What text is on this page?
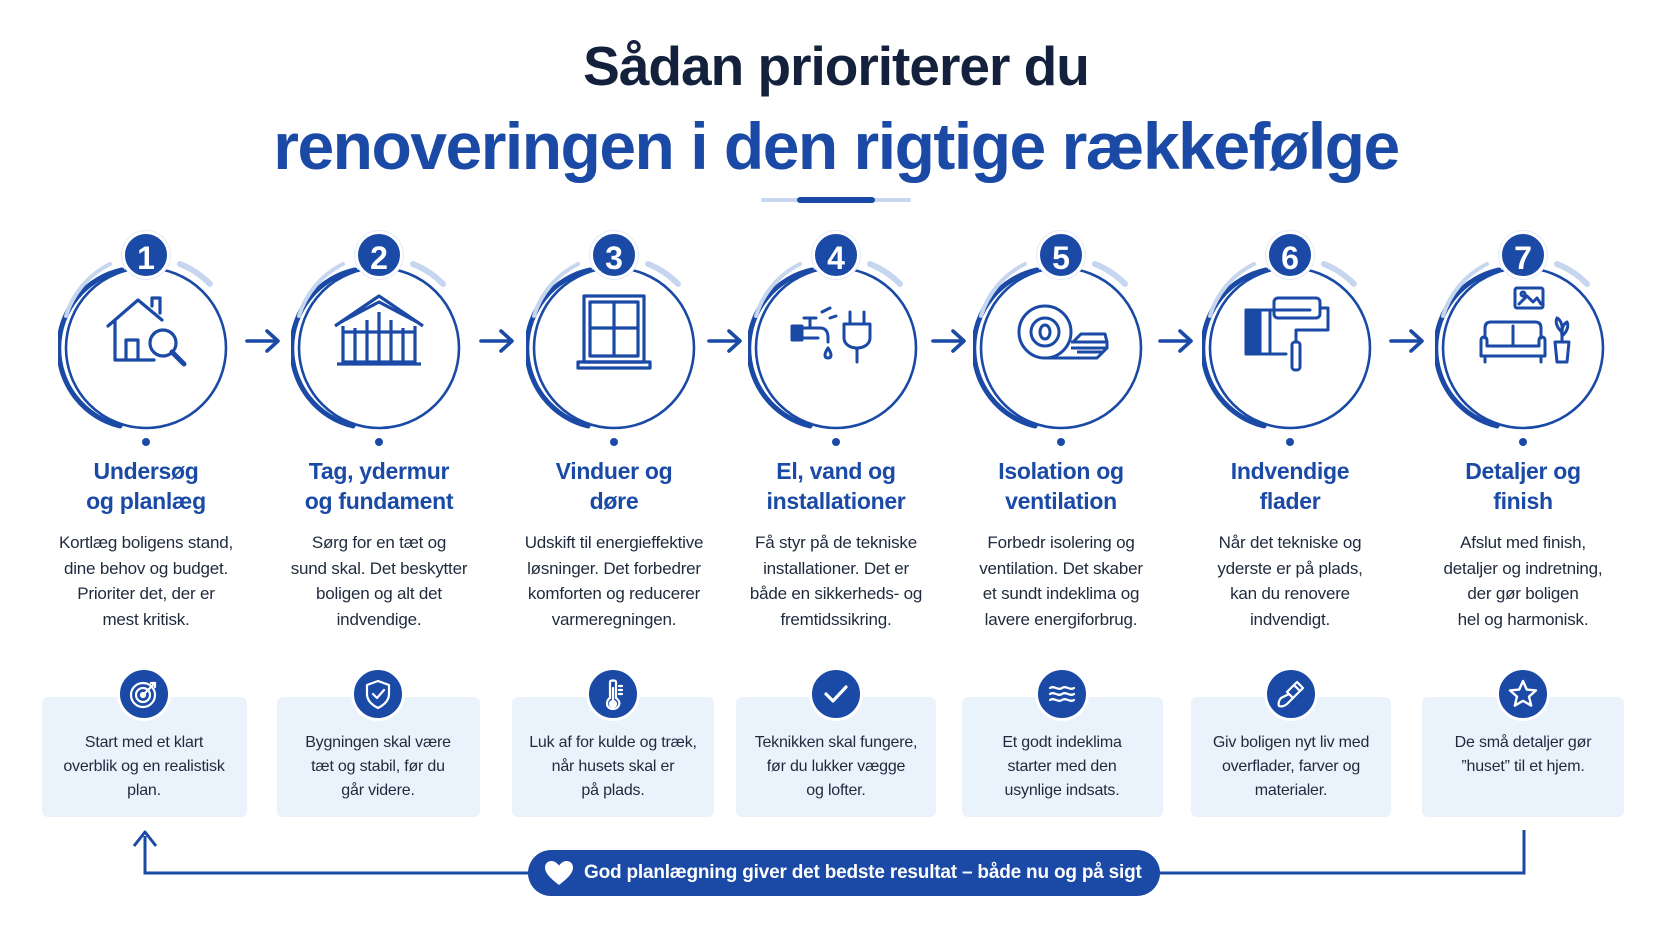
Sådan prioriterer du
renoveringen i den rigtige rækkefølge
God planlægning giver det bedste resultat – både nu og på sigt
1
Undersøg
og planlæg
Kortlæg boligens stand,
dine behov og budget.
Prioriter det, der er
mest kritisk.
2
Tag, ydermur
og fundament
Sørg for en tæt og
sund skal. Det beskytter
boligen og alt det
indvendige.
3
Vinduer og
døre
Udskift til energieffektive
løsninger. Det forbedrer
komforten og reducerer
varmeregningen.
4
El, vand og
installationer
Få styr på de tekniske
installationer. Det er
både en sikkerheds- og
fremtidssikring.
5
Isolation og
ventilation
Forbedr isolering og
ventilation. Det skaber
et sundt indeklima og
lavere energiforbrug.
6
Indvendige
flader
Når det tekniske og
yderste er på plads,
kan du renovere
indvendigt.
7
Detaljer og
finish
Afslut med finish,
detaljer og indretning,
der gør boligen
hel og harmonisk.
Start med et klart
overblik og en realistisk
plan.
Bygningen skal være
tæt og stabil, før du
går videre.
Luk af for kulde og træk,
når husets skal er
på plads.
Teknikken skal fungere,
før du lukker vægge
og lofter.
Et godt indeklima
starter med den
usynlige indsats.
Giv boligen nyt liv med
overflader, farver og
materialer.
De små detaljer gør
”huset” til et hjem.
